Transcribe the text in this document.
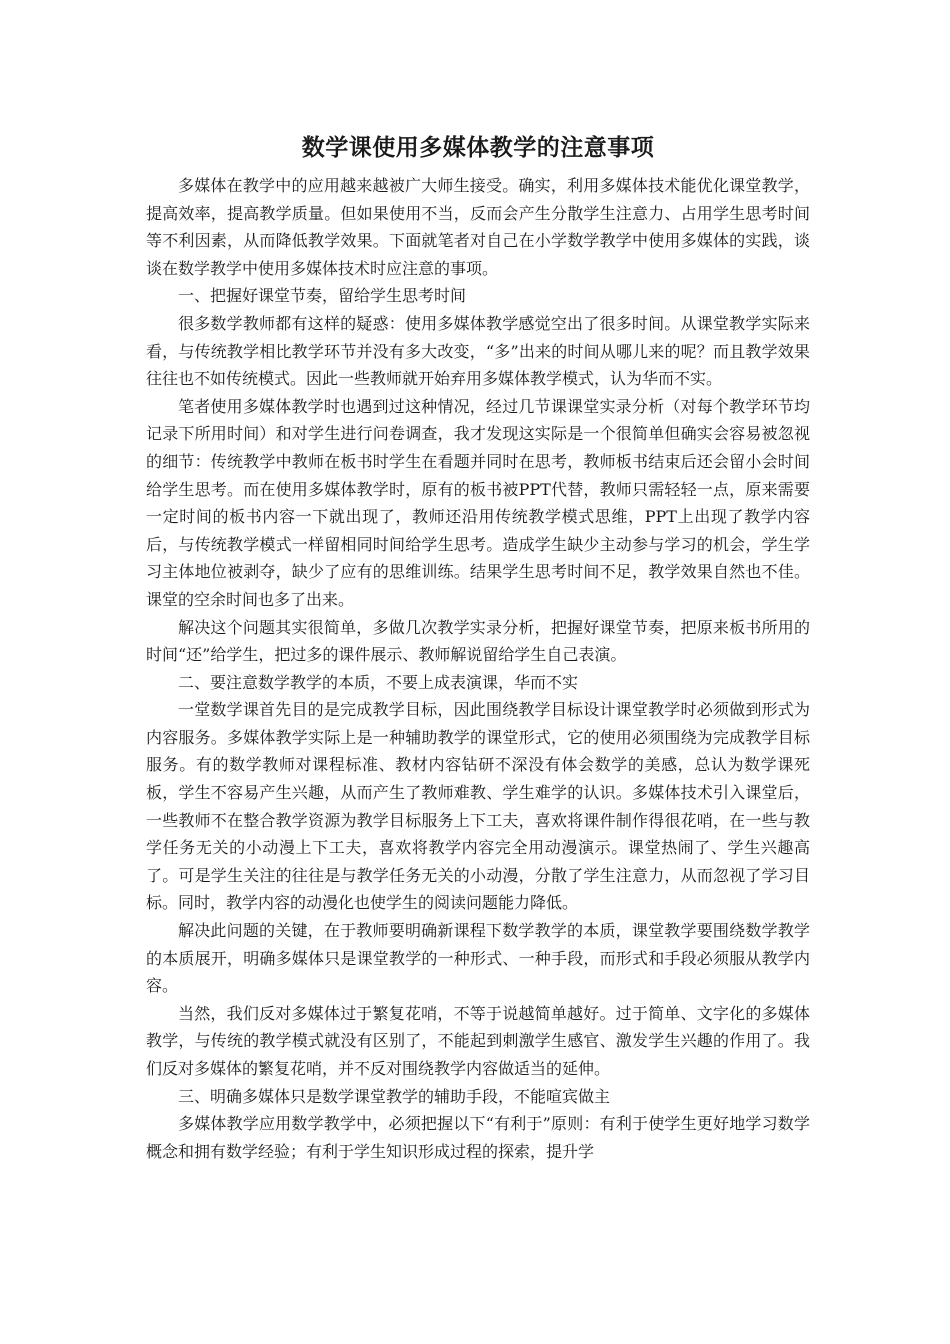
数学课使用多媒体教学的注意事项

多媒体在教学中的应用越来越被广大师生接受。确实，利用多媒体技术能优化课堂教学，提高效率，提高教学质量。但如果使用不当，反而会产生分散学生注意力、占用学生思考时间等不利因素，从而降低教学效果。下面就笔者对自己在小学数学教学中使用多媒体的实践，谈谈在数学教学中使用多媒体技术时应注意的事项。

一、把握好课堂节奏，留给学生思考时间

很多数学教师都有这样的疑惑：使用多媒体教学感觉空出了很多时间。从课堂教学实际来看，与传统教学相比教学环节并没有多大改变，“多”出来的时间从哪儿来的呢？而且教学效果往往也不如传统模式。因此一些教师就开始弃用多媒体教学模式，认为华而不实。

笔者使用多媒体教学时也遇到过这种情况，经过几节课课堂实录分析（对每个教学环节均记录下所用时间）和对学生进行问卷调查，我才发现这实际是一个很简单但确实会容易被忽视的细节：传统教学中教师在板书时学生在看题并同时在思考，教师板书结束后还会留小会时间给学生思考。而在使用多媒体教学时，原有的板书被PPT代替，教师只需轻轻一点，原来需要一定时间的板书内容一下就出现了，教师还沿用传统教学模式思维，PPT上出现了教学内容后，与传统教学模式一样留相同时间给学生思考。造成学生缺少主动参与学习的机会，学生学习主体地位被剥夺，缺少了应有的思维训练。结果学生思考时间不足，教学效果自然也不佳。课堂的空余时间也多了出来。

解决这个问题其实很简单，多做几次教学实录分析，把握好课堂节奏，把原来板书所用的时间“还”给学生，把过多的课件展示、教师解说留给学生自己表演。

二、要注意数学教学的本质，不要上成表演课，华而不实

一堂数学课首先目的是完成教学目标，因此围绕教学目标设计课堂教学时必须做到形式为内容服务。多媒体教学实际上是一种辅助教学的课堂形式，它的使用必须围绕为完成教学目标服务。有的数学教师对课程标准、教材内容钻研不深没有体会数学的美感，总认为数学课死板，学生不容易产生兴趣，从而产生了教师难教、学生难学的认识。多媒体技术引入课堂后，一些教师不在整合教学资源为教学目标服务上下工夫，喜欢将课件制作得很花哨，在一些与教学任务无关的小动漫上下工夫，喜欢将教学内容完全用动漫演示。课堂热闹了、学生兴趣高了。可是学生关注的往往是与教学任务无关的小动漫，分散了学生注意力，从而忽视了学习目标。同时，教学内容的动漫化也使学生的阅读问题能力降低。

解决此问题的关键，在于教师要明确新课程下数学教学的本质，课堂教学要围绕数学教学的本质展开，明确多媒体只是课堂教学的一种形式、一种手段，而形式和手段必须服从教学内容。

当然，我们反对多媒体过于繁复花哨，不等于说越简单越好。过于简单、文字化的多媒体教学，与传统的教学模式就没有区别了，不能起到刺激学生感官、激发学生兴趣的作用了。我们反对多媒体的繁复花哨，并不反对围绕教学内容做适当的延伸。

三、明确多媒体只是数学课堂教学的辅助手段，不能喧宾做主

多媒体教学应用数学教学中，必须把握以下“有利于”原则：有利于使学生更好地学习数学概念和拥有数学经验；有利于学生知识形成过程的探索，提升学
